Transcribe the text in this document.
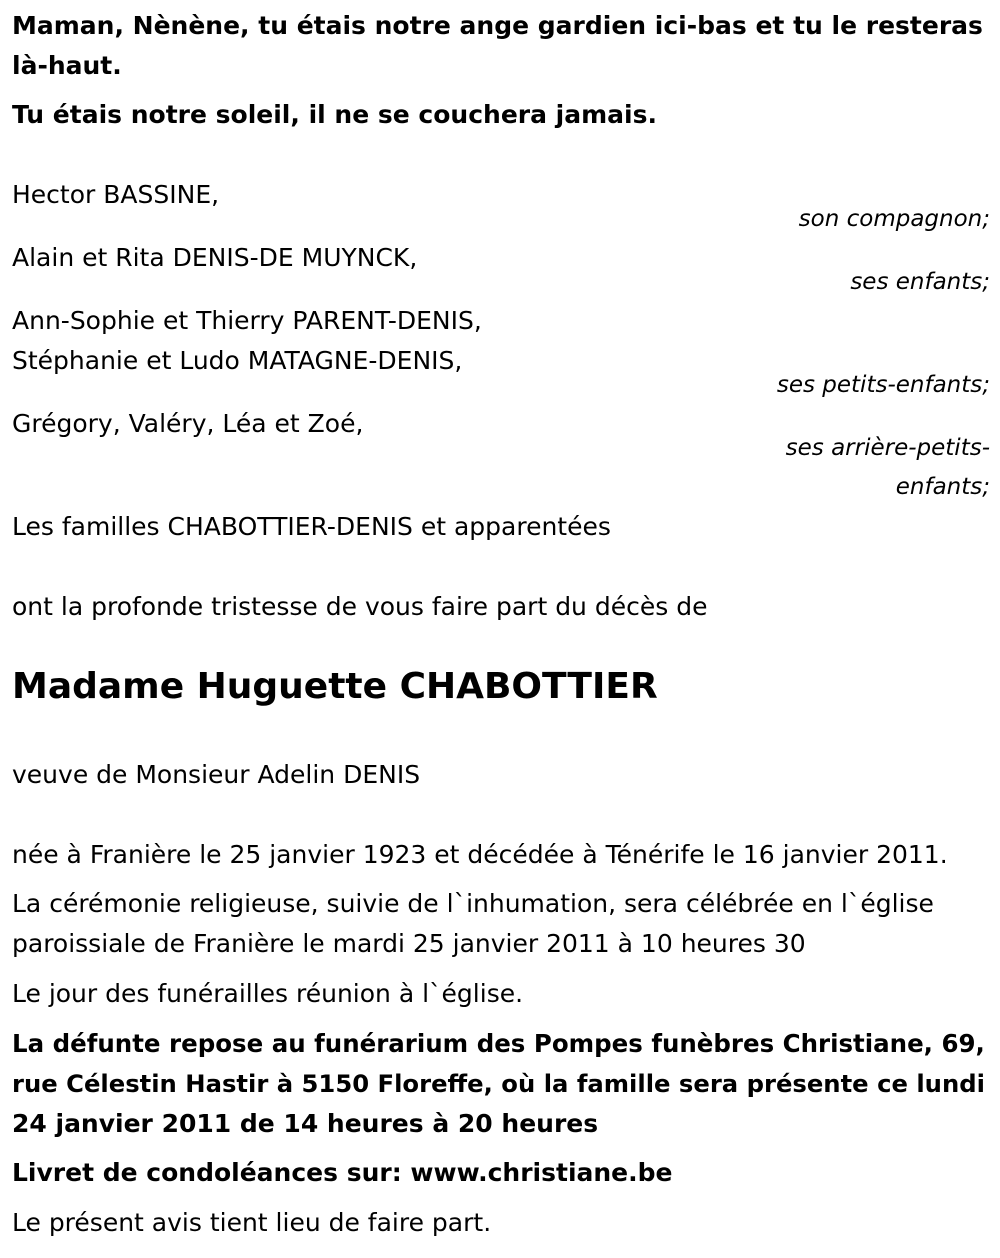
Maman, Nènène, tu étais notre ange gardien ici-bas et tu le resteras
là-haut.
Tu étais notre soleil, il ne se couchera jamais.
Hector BASSINE,
son compagnon;
Alain et Rita DENIS-DE MUYNCK,
ses enfants;
Ann-Sophie et Thierry PARENT-DENIS,
Stéphanie et Ludo MATAGNE-DENIS,
ses petits-enfants;
Grégory, Valéry, Léa et Zoé,
ses arrière-petits-
enfants;
Les familles CHABOTTIER-DENIS et apparentées
ont la profonde tristesse de vous faire part du décès de
Madame Huguette CHABOTTIER
veuve de Monsieur Adelin DENIS
née à Franière le 25 janvier 1923 et décédée à Ténérife le 16 janvier 2011.
La cérémonie religieuse, suivie de l`inhumation, sera célébrée en l`église
paroissiale de Franière le mardi 25 janvier 2011 à 10 heures 30
Le jour des funérailles réunion à l`église.
La défunte repose au funérarium des Pompes funèbres Christiane, 69,
rue Célestin Hastir à 5150 Floreffe, où la famille sera présente ce lundi
24 janvier 2011 de 14 heures à 20 heures
Livret de condoléances sur: www.christiane.be
Le présent avis tient lieu de faire part.
